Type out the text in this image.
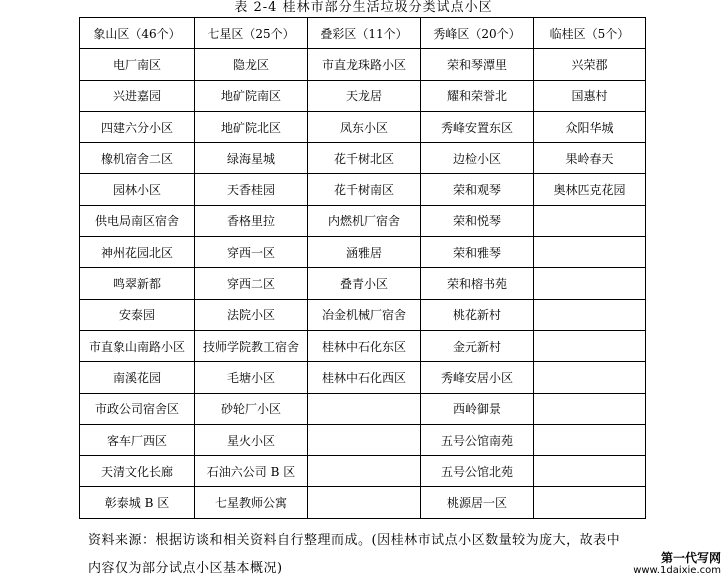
表 2-4 桂林市部分生活垃圾分类试点小区
象山区（46个）	七星区（25个）	叠彩区（11个）	秀峰区（20个）	临桂区（5个）
电厂南区	隐龙区	市直龙珠路小区	荣和琴潭里	兴荣郡
兴进嘉园	地矿院南区	天龙居	耀和荣誉北	国惠村
四建六分小区	地矿院北区	凤东小区	秀峰安置东区	众阳华城
橡机宿舍二区	绿海星城	花千树北区	边检小区	果岭春天
园林小区	天香桂园	花千树南区	荣和观琴	奥林匹克花园
供电局南区宿舍	香格里拉	内燃机厂宿舍	荣和悦琴	
神州花园北区	穿西一区	涵雅居	荣和雅琴	
鸣翠新都	穿西二区	叠青小区	荣和榕书苑	
安泰园	法院小区	冶金机械厂宿舍	桃花新村	
市直象山南路小区	技师学院教工宿舍	桂林中石化东区	金元新村	
南溪花园	毛塘小区	桂林中石化西区	秀峰安居小区	
市政公司宿舍区	砂轮厂小区		西岭御景	
客车厂西区	星火小区		五号公馆南苑	
天清文化长廊	石油六公司 B 区		五号公馆北苑	
彰泰城 B 区	七星教师公寓		桃源居一区	
资料来源：根据访谈和相关资料自行整理而成。(因桂林市试点小区数量较为庞大，故表中
内容仅为部分试点小区基本概况)
第一代写网
www.1daixie.com
